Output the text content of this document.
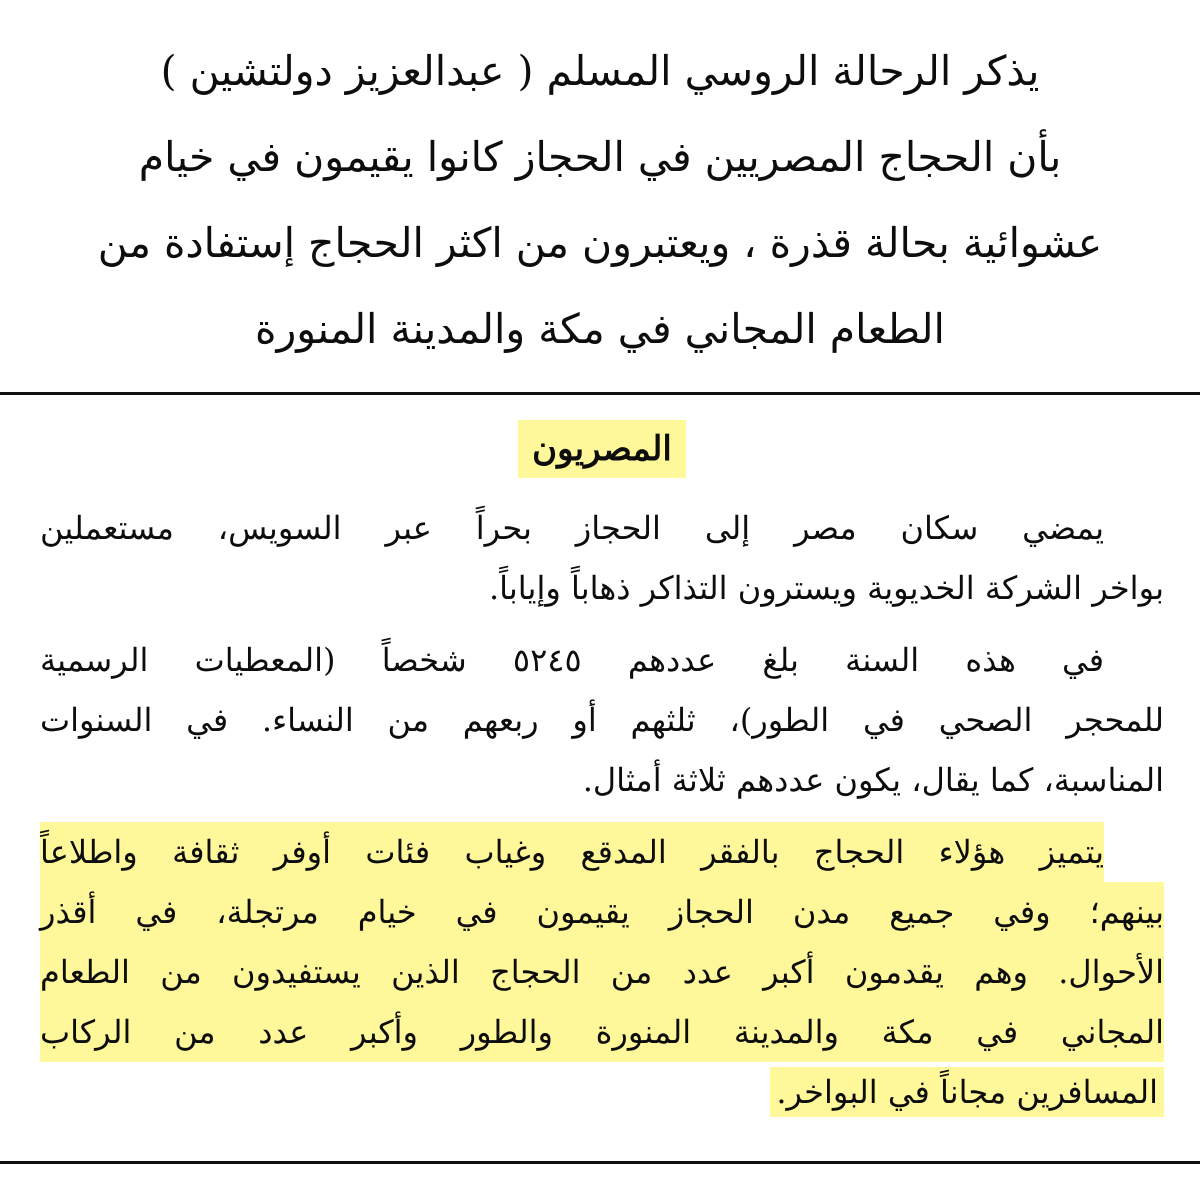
يذكر الرحالة الروسي المسلم ( عبدالعزيز دولتشين )
بأن الحجاج المصريين في الحجاز كانوا يقيمون في خيام
عشوائية بحالة قذرة ، ويعتبرون من اكثر الحجاج إستفادة من
الطعام المجاني في مكة والمدينة المنورة
المصريون
يمضي سكان مصر إلى الحجاز بحراً عبر السويس، مستعملين
بواخر الشركة الخديوية ويسترون التذاكر ذهاباً وإياباً.
في هذه السنة بلغ عددهم ٥٢٤٥ شخصاً (المعطيات الرسمية
للمحجر الصحي في الطور)، ثلثهم أو ربعهم من النساء. في السنوات
المناسبة، كما يقال، يكون عددهم ثلاثة أمثال.
يتميز هؤلاء الحجاج بالفقر المدقع وغياب فئات أوفر ثقافة واطلاعاً
بينهم؛ وفي جميع مدن الحجاز يقيمون في خيام مرتجلة، في أقذر
الأحوال. وهم يقدمون أكبر عدد من الحجاج الذين يستفيدون من الطعام
المجاني في مكة والمدينة المنورة والطور وأكبر عدد من الركاب
المسافرين مجاناً في البواخر.
